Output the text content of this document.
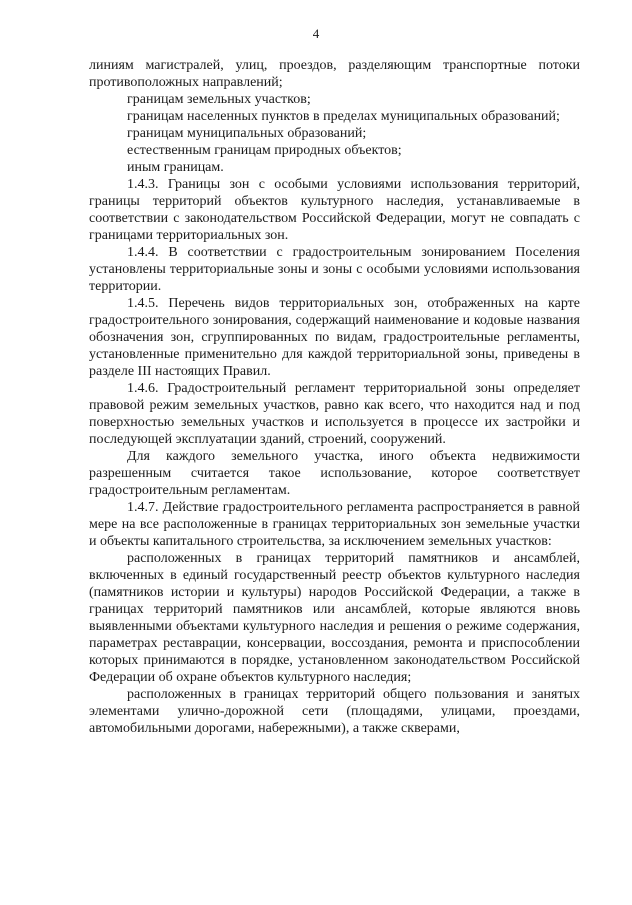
4

линиям магистралей, улиц, проездов, разделяющим транспортные потоки противоположных направлений;

границам земельных участков;

границам населенных пунктов в пределах муниципальных образований;

границам муниципальных образований;

естественным границам природных объектов;

иным границам.

1.4.3. Границы зон с особыми условиями использования территорий, границы территорий объектов культурного наследия, устанавливаемые в соответствии с законодательством Российской Федерации, могут не совпадать с границами территориальных зон.

1.4.4. В соответствии с градостроительным зонированием Поселения установлены территориальные зоны и зоны с особыми условиями использования территории.

1.4.5. Перечень видов территориальных зон, отображенных на карте градостроительного зонирования, содержащий наименование и кодовые названия обозначения зон, сгруппированных по видам, градостроительные регламенты, установленные применительно для каждой территориальной зоны, приведены в разделе III настоящих Правил.

1.4.6. Градостроительный регламент территориальной зоны определяет правовой режим земельных участков, равно как всего, что находится над и под поверхностью земельных участков и используется в процессе их застройки и последующей эксплуатации зданий, строений, сооружений.

Для каждого земельного участка, иного объекта недвижимости разрешенным считается такое использование, которое соответствует градостроительным регламентам.

1.4.7. Действие градостроительного регламента распространяется в равной мере на все расположенные в границах территориальных зон земельные участки и объекты капитального строительства, за исключением земельных участков:

расположенных в границах территорий памятников и ансамблей, включенных в единый государственный реестр объектов культурного наследия (памятников истории и культуры) народов Российской Федерации, а также в границах территорий памятников или ансамблей, которые являются вновь выявленными объектами культурного наследия и решения о режиме содержания, параметрах реставрации, консервации, воссоздания, ремонта и приспособлении которых принимаются в порядке, установленном законодательством Российской Федерации об охране объектов культурного наследия;

расположенных в границах территорий общего пользования и занятых элементами улично-дорожной сети (площадями, улицами, проездами, автомобильными дорогами, набережными), а также скверами,
